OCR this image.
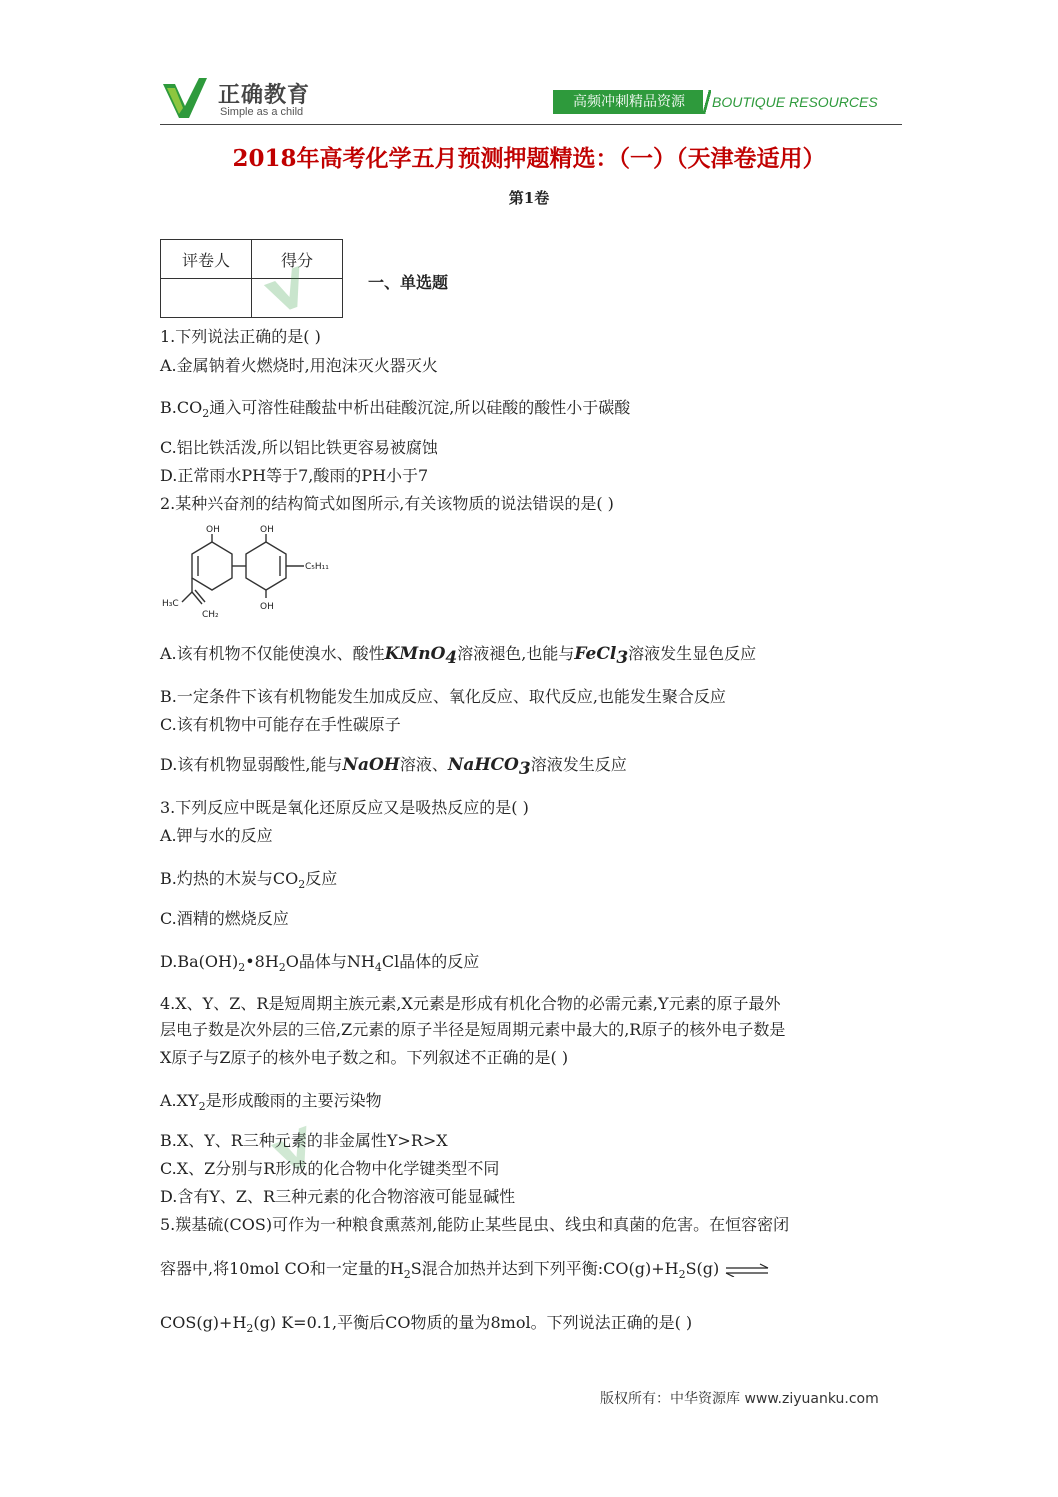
正确教育
Simple as a child
高频冲刺精品资源	BOUTIQUE RESOURCES
2018年高考化学五月预测押题精选：（一）（天津卷适用）
第1卷
评卷人	得分

一、单选题
1.下列说法正确的是( )
A.金属钠着火燃烧时,用泡沫灭火器灭火
$B.CO_2$通入可溶性硅酸盐中析出硅酸沉淀,所以硅酸的酸性小于碳酸
C.铝比铁活泼,所以铝比铁更容易被腐蚀
D.正常雨水PH等于7,酸雨的PH小于7
2.某种兴奋剂的结构简式如图所示,有关该物质的说法错误的是( )
OH	OH
OH
C₅H₁₁
H₃C
CH₂
A.该有机物不仅能使溴水、酸性KMnO$_4$溶液褪色,也能与FeCl$_3$溶液发生显色反应
B.一定条件下该有机物能发生加成反应、氧化反应、取代反应,也能发生聚合反应
C.该有机物中可能存在手性碳原子
D.该有机物显弱酸性,能与NaOH溶液、NaHCO$_3$溶液发生反应
3.下列反应中既是氧化还原反应又是吸热反应的是( )
A.钾与水的反应
B.灼热的木炭与$CO_2$反应
C.酒精的燃烧反应
$D.Ba(OH)_2•8H_2O$晶体与$NH_4Cl$晶体的反应
4.X、Y、Z、R是短周期主族元素,X元素是形成有机化合物的必需元素,Y元素的原子最外
层电子数是次外层的三倍,Z元素的原子半径是短周期元素中最大的,R原子的核外电子数是
X原子与Z原子的核外电子数之和。下列叙述不正确的是( )
$A.XY_2$是形成酸雨的主要污染物
B.X、Y、R三种元素的非金属性Y>R>X
C.X、Z分别与R形成的化合物中化学键类型不同
D.含有Y、Z、R三种元素的化合物溶液可能显碱性
5.羰基硫(COS)可作为一种粮食熏蒸剂,能防止某些昆虫、线虫和真菌的危害。在恒容密闭
容器中,将10mol CO和一定量的$H_2S$混合加热并达到下列平衡$:CO(g)+H_2S(g)$ ⇌
$COS(g)+H_2(g)$ K=0.1,平衡后CO物质的量为8mol。下列说法正确的是( )
版权所有：中华资源库 www.ziyuanku.com
